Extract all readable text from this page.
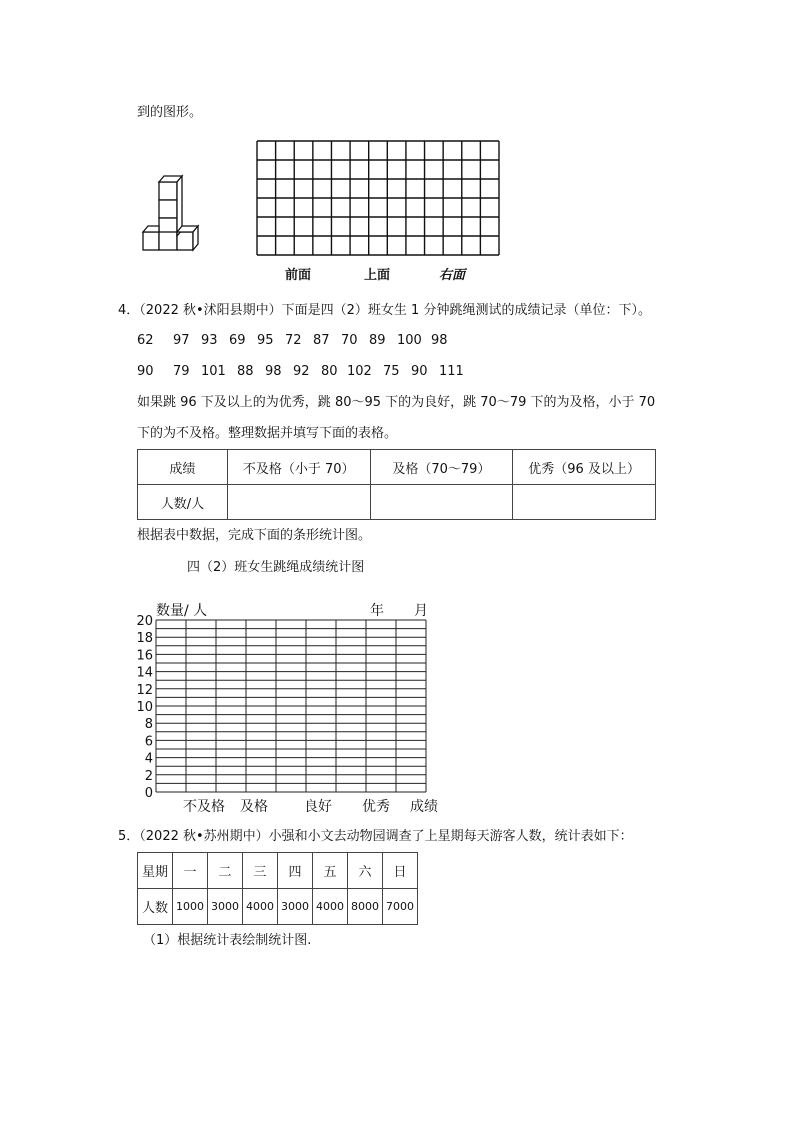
到的图形。
前面	上面	右面
4．（2022 秋•沭阳县期中）下面是四（2）班女生 1 分钟跳绳测试的成绩记录（单位：下）。
62 97 93 69 95 72 87 70 89 100 98
90 79 101 88 98 92 80 102 75 90 111
如果跳 96 下及以上的为优秀，跳 80～95 下的为良好，跳 70～79 下的为及格，小于 70
下的为不及格。整理数据并填写下面的表格。
成绩	不及格（小于 70）	及格（70～79）	优秀（96 及以上）
人数/人			
根据表中数据，完成下面的条形统计图。
四（2）班女生跳绳成绩统计图
0
2
4
6
8
10
12
14
16
18
20
数量/ 人	年 月
不及格 及格	良好 优秀 成绩
5．（2022 秋•苏州期中）小强和小文去动物园调查了上星期每天游客人数，统计表如下：
星期	一	二	三	四	五	六	日
人数	1000	3000	4000	3000	4000	8000	7000
（1）根据统计表绘制统计图.
